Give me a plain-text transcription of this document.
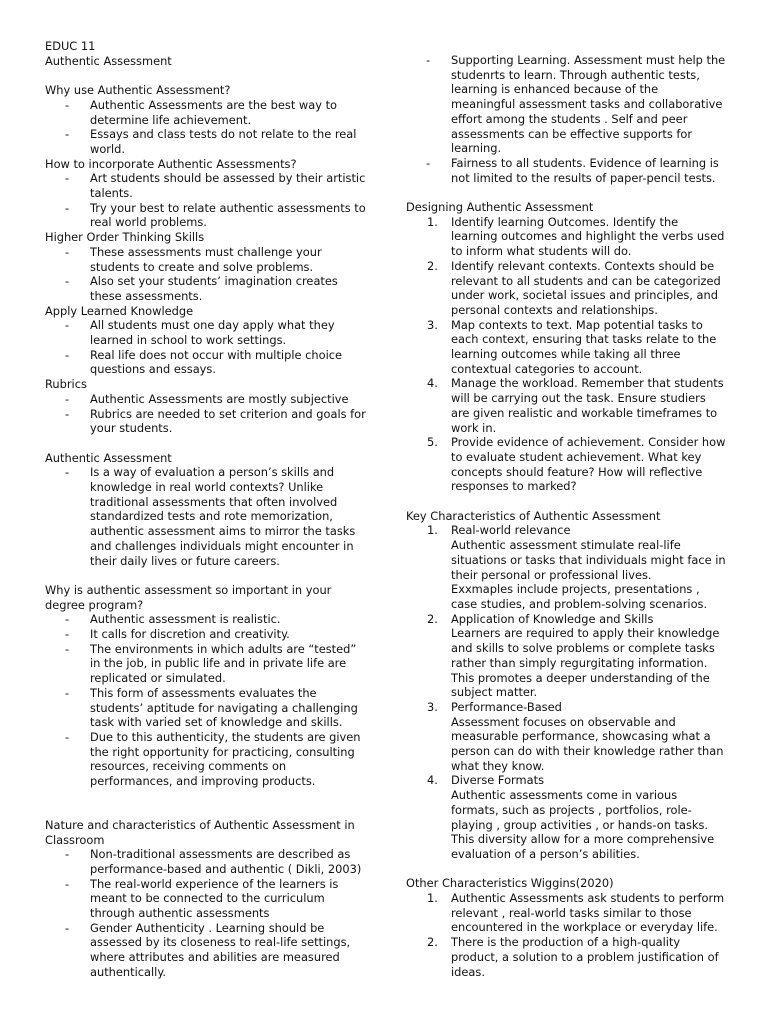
EDUC 11

Authentic Assessment

Why use Authentic Assessment?

- Authentic Assessments are the best way to determine life achievement.
- Essays and class tests do not relate to the real world.

How to incorporate Authentic Assessments?

- Art students should be assessed by their artistic talents.
- Try your best to relate authentic assessments to real world problems.

Higher Order Thinking Skills

- These assessments must challenge your students to create and solve problems.
- Also set your students’ imagination creates these assessments.

Apply Learned Knowledge

- All students must one day apply what they learned in school to work settings.
- Real life does not occur with multiple choice questions and essays.

Rubrics

- Authentic Assessments are mostly subjective
- Rubrics are needed to set criterion and goals for your students.

Authentic Assessment

- Is a way of evaluation a person’s skills and knowledge in real world contexts? Unlike traditional assessments that often involved standardized tests and rote memorization, authentic assessment aims to mirror the tasks and challenges individuals might encounter in their daily lives or future careers.

Why is authentic assessment so important in your degree program?

- Authentic assessment is realistic.
- It calls for discretion and creativity.
- The environments in which adults are “tested” in the job, in public life and in private life are replicated or simulated.
- This form of assessments evaluates the students’ aptitude for navigating a challenging task with varied set of knowledge and skills.
- Due to this authenticity, the students are given the right opportunity for practicing, consulting resources, receiving comments on performances, and improving products.

Nature and characteristics of Authentic Assessment in Classroom

- Non-traditional assessments are described as performance-based and authentic ( Dikli, 2003)
- The real-world experience of the learners is meant to be connected to the curriculum through authentic assessments
- Gender Authenticity . Learning should be assessed by its closeness to real-life settings, where attributes and abilities are measured authentically.
- Supporting Learning. Assessment must help the studenrts to learn. Through authentic tests, learning is enhanced because of the meaningful assessment tasks and collaborative effort among the students . Self and peer assessments can be effective supports for learning.
- Fairness to all students. Evidence of learning is not limited to the results of paper-pencil tests.

Designing Authentic Assessment

1. Identify learning Outcomes. Identify the learning outcomes and highlight the verbs used to inform what students will do.
2. Identify relevant contexts. Contexts should be relevant to all students and can be categorized under work, societal issues and principles, and personal contexts and relationships.
3. Map contexts to text. Map potential tasks to each context, ensuring that tasks relate to the learning outcomes while taking all three contextual categories to account.
4. Manage the workload. Remember that students will be carrying out the task. Ensure studiers are given realistic and workable timeframes to work in.
5. Provide evidence of achievement. Consider how to evaluate student achievement. What key concepts should feature? How will reflective responses to marked?

Key Characteristics of Authentic Assessment

1. Real-world relevance
Authentic assessment stimulate real-life situations or tasks that individuals might face in their personal or professional lives.
Exxmaples include projects, presentations , case studies, and problem-solving scenarios.
2. Application of Knowledge and Skills
Learners are required to apply their knowledge and skills to solve problems or complete tasks rather than simply regurgitating information. This promotes a deeper understanding of the subject matter.
3. Performance-Based
Assessment focuses on observable and measurable performance, showcasing what a person can do with their knowledge rather than what they know.
4. Diverse Formats
Authentic assessments come in various formats, such as projects , portfolios, role-playing , group activities , or hands-on tasks.
This diversity allow for a more comprehensive evaluation of a person’s abilities.

Other Characteristics Wiggins(2020)

1. Authentic Assessments ask students to perform relevant , real-world tasks similar to those encountered in the workplace or everyday life.
2. There is the production of a high-quality product, a solution to a problem justification of ideas.
